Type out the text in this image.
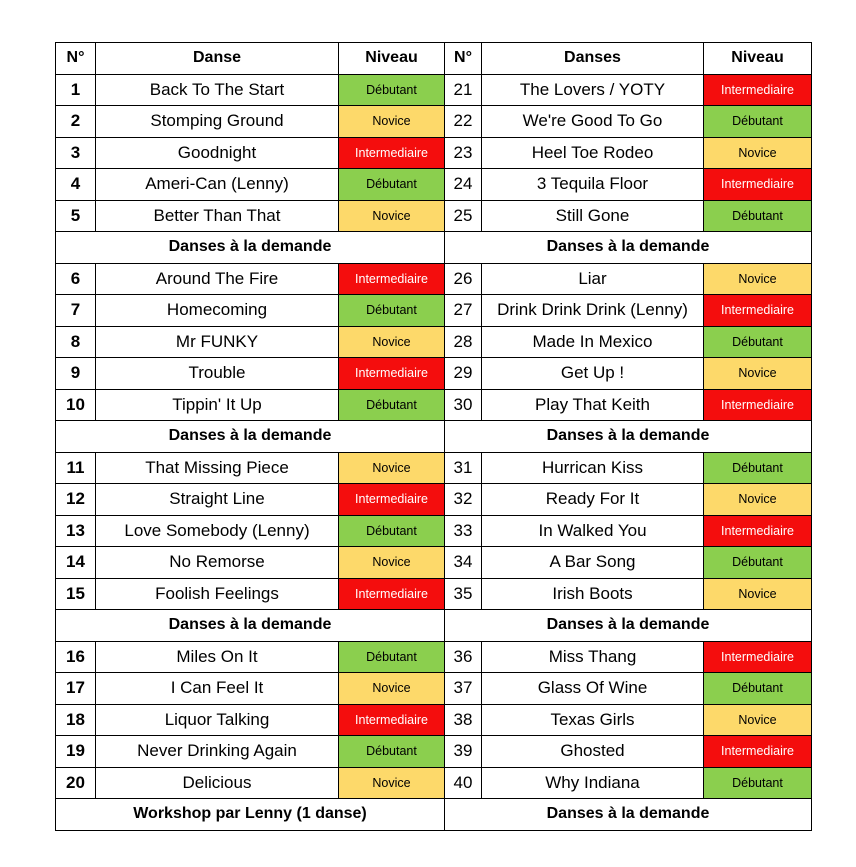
N°	Danse	Niveau	N°	Danses	Niveau
1	Back To The Start	Débutant	21	The Lovers / YOTY	Intermediaire
2	Stomping Ground	Novice	22	We're Good To Go	Débutant
3	Goodnight	Intermediaire	23	Heel Toe Rodeo	Novice
4	Ameri-Can (Lenny)	Débutant	24	3 Tequila Floor	Intermediaire
5	Better Than That	Novice	25	Still Gone	Débutant
Danses à la demande			Danses à la demande		
6	Around The Fire	Intermediaire	26	Liar	Novice
7	Homecoming	Débutant	27	Drink Drink Drink (Lenny)	Intermediaire
8	Mr FUNKY	Novice	28	Made In Mexico	Débutant
9	Trouble	Intermediaire	29	Get Up !	Novice
10	Tippin' It Up	Débutant	30	Play That Keith	Intermediaire
Danses à la demande			Danses à la demande		
11	That Missing Piece	Novice	31	Hurrican Kiss	Débutant
12	Straight Line	Intermediaire	32	Ready For It	Novice
13	Love Somebody (Lenny)	Débutant	33	In Walked You	Intermediaire
14	No Remorse	Novice	34	A Bar Song	Débutant
15	Foolish Feelings	Intermediaire	35	Irish Boots	Novice
Danses à la demande			Danses à la demande		
16	Miles On It	Débutant	36	Miss Thang	Intermediaire
17	I Can Feel It	Novice	37	Glass Of Wine	Débutant
18	Liquor Talking	Intermediaire	38	Texas Girls	Novice
19	Never Drinking Again	Débutant	39	Ghosted	Intermediaire
20	Delicious	Novice	40	Why Indiana	Débutant
Workshop par Lenny (1 danse)			Danses à la demande		
